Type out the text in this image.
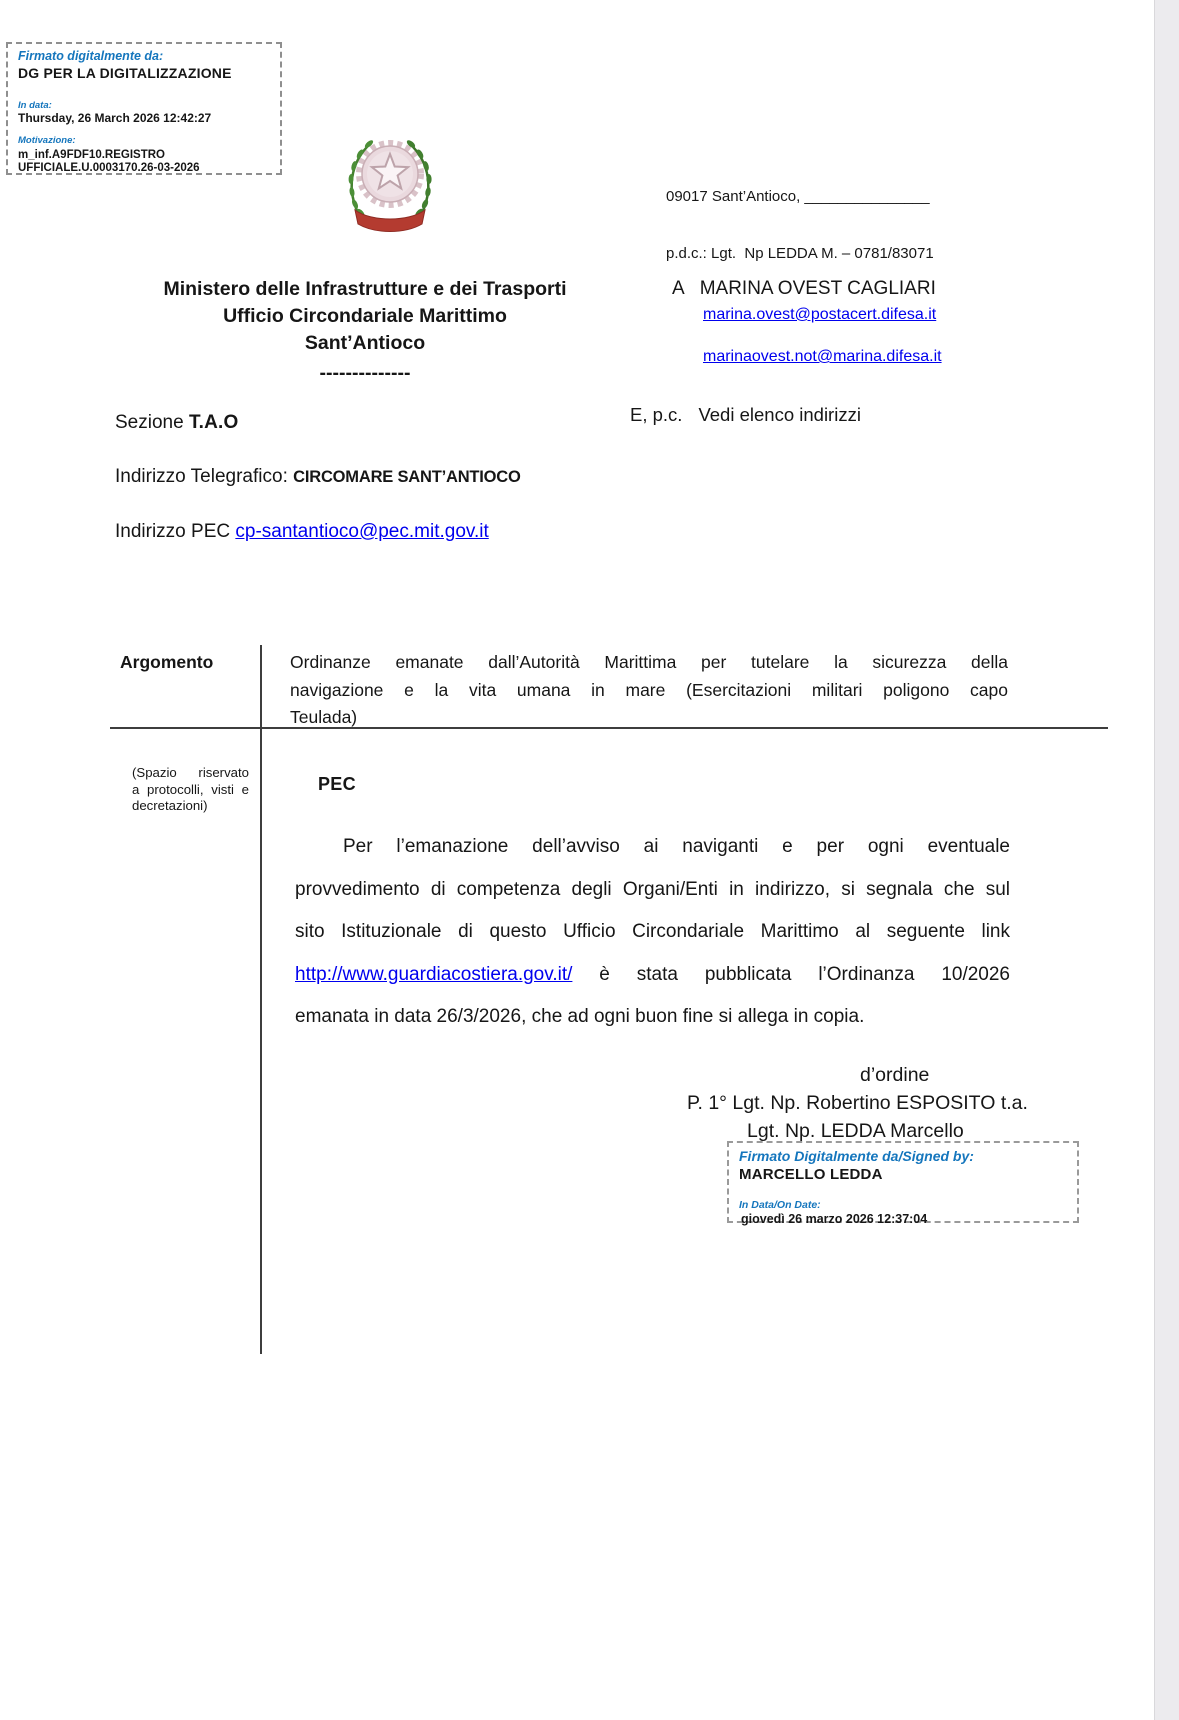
Firmato digitalmente da:
DG PER LA DIGITALIZZAZIONE
In data:
Thursday, 26 March 2026 12:42:27
Motivazione:
m_inf.A9FDF10.REGISTRO
UFFICIALE.U.0003170.26-03-2026

09017 Sant’Antioco, _______________

p.d.c.: Lgt.  Np LEDDA M. – 0781/83071

Ministero delle Infrastrutture e dei Trasporti
Ufficio Circondariale Marittimo
Sant’Antioco
--------------
A MARINA OVEST CAGLIARI
marina.ovest@postacert.difesa.it
marinaovest.not@marina.difesa.it
Sezione T.A.O	E, p.c. Vedi elenco indirizzi
Indirizzo Telegrafico: CIRCOMARE SANT’ANTIOCO
Indirizzo PEC cp-santantioco@pec.mit.gov.it
Argomento	Ordinanze emanate dall’Autorità Marittima per tutelare la sicurezza della
navigazione e la vita umana in mare (Esercitazioni militari poligono capo
Teulada)
(Spazio riservato
a protocolli, visti e
decretazioni)
PEC
Per l’emanazione dell’avviso ai naviganti e per ogni eventuale
provvedimento di competenza degli Organi/Enti in indirizzo, si segnala che sul
sito Istituzionale di questo Ufficio Circondariale Marittimo al seguente link
http://www.guardiacostiera.gov.it/ è stata pubblicata l’Ordinanza 10/2026
emanata in data 26/3/2026, che ad ogni buon fine si allega in copia.
d’ordine
P. 1° Lgt. Np. Robertino ESPOSITO t.a.
Lgt. Np. LEDDA Marcello
Firmato Digitalmente da/Signed by:
MARCELLO LEDDA
In Data/On Date:
giovedì 26 marzo 2026 12:37:04
